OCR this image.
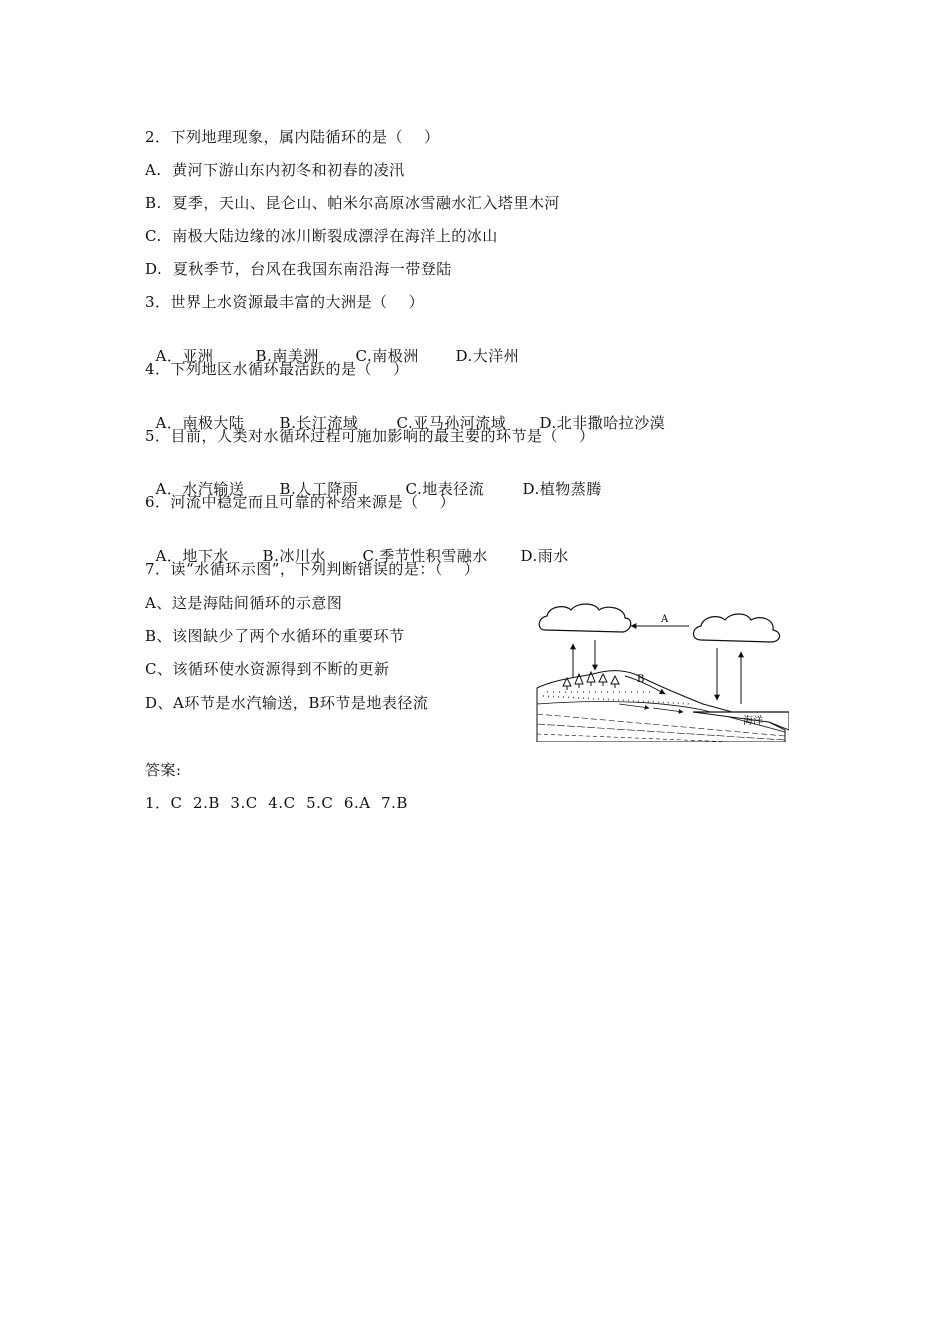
2．下列地理现象，属内陆循环的是（    ）
A.  黄河下游山东内初冬和初春的凌汛
B.  夏季，天山、昆仑山、帕米尔高原冰雪融水汇入塔里木河
C.  南极大陆边缘的冰川断裂成漂浮在海洋上的冰山
D.  夏秋季节，台风在我国东南沿海一带登陆
3．世界上水资源最丰富的大洲是（    ）

A．亚洲	B.南美洲 C.南极洲 D.大洋州

4．下列地区水循环最活跃的是（    ）

A．南极大陆 B.长江流域	C.亚马孙河流域 D.北非撒哈拉沙漠

5．目前，人类对水循环过程可施加影响的最主要的环节是（    ）

A．水汽输送 B.人工降雨	C.地表径流	D.植物蒸腾

6．河流中稳定而且可靠的补给来源是（    ）

A．地下水 B.冰川水 C.季节性积雪融水 D.雨水

7．读“水循环示图”，下列判断错误的是：（    ）
A、这是海陆间循环的示意图
B、该图缺少了两个水循环的重要环节
C、该循环使水资源得到不断的更新
D、A环节是水汽输送，B环节是地表径流
A
B
海洋
答案:
1．C  2.B  3.C  4.C  5.C  6.A  7.B
